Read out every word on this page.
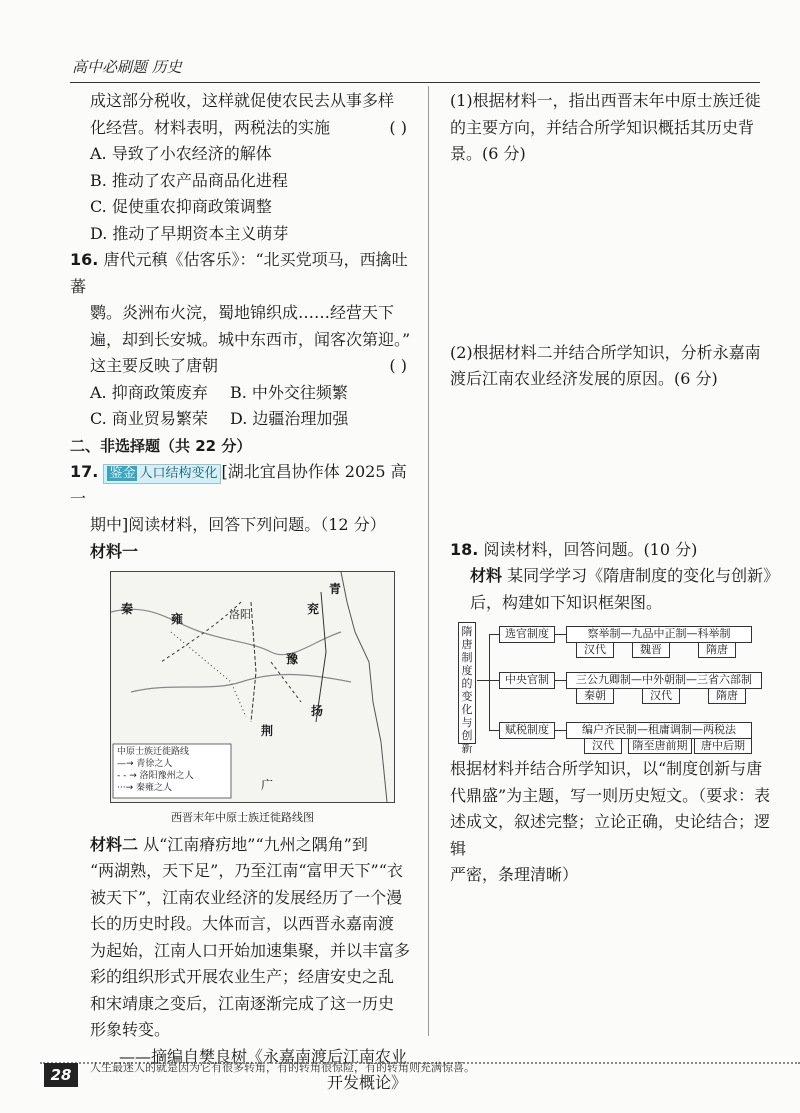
高中必刷题 历史

成这部分税收，这样就促使农民去从事多样

化经营。材料表明，两税法的实施	( )

A. 导致了小农经济的解体

B. 推动了农产品商品化进程

C. 促使重农抑商政策调整

D. 推动了早期资本主义萌芽

16. 唐代元稹《估客乐》：“北买党项马，西擒吐蕃

鹦。炎洲布火浣，蜀地锦织成……经营天下

遍，却到长安城。城中东西市，闻客次第迎。”

这主要反映了唐朝	( )

A. 抑商政策废弃	B. 中外交往频繁
C. 商业贸易繁荣	D. 边疆治理加强

二、非选择题（共 22 分）

17. 鉴金 人口结构变化 [湖北宜昌协作体 2025 高一

期中]阅读材料，回答下列问题。（12 分）

材料一

秦
雍	洛阳
青
豫
扬
荆
广
兖
中原士族迁徙路线
—→ 青徐之人
- - → 洛阳豫州之人
···→ 秦雍之人
西晋末年中原士族迁徙路线图

材料二 从“江南瘠疠地”“九州之隅角”到

“两湖熟，天下足”，乃至江南“富甲天下”“衣

被天下”，江南农业经济的发展经历了一个漫

长的历史时段。大体而言，以西晋永嘉南渡

为起始，江南人口开始加速集聚，并以丰富多

彩的组织形式开展农业生产；经唐安史之乱

和宋靖康之变后，江南逐渐完成了这一历史

形象转变。

——摘编自樊良树《永嘉南渡后江南农业

开发概论》

(1)根据材料一，指出西晋末年中原士族迁徙

的主要方向，并结合所学知识概括其历史背

景。(6 分)

(2)根据材料二并结合所学知识，分析永嘉南

渡后江南农业经济发展的原因。(6 分)

18. 阅读材料，回答问题。(10 分)

材料 某同学学习《隋唐制度的变化与创新》

后，构建如下知识框架图。

隋唐制度的变化与创新
选官制度
中央官制
赋税制度
察举制—九品中正制—科举制
三公九卿制—中外朝制—三省六部制
编户齐民制—租庸调制—两税法
汉代	魏晋	隋唐
秦朝	汉代	隋唐
汉代	隋至唐前期	唐中后期

根据材料并结合所学知识，以“制度创新与唐

代鼎盛”为主题，写一则历史短文。（要求：表

述成文，叙述完整；立论正确，史论结合；逻辑

严密，条理清晰）

28	人生最迷人的就是因为它有很多转角，有的转角很惊险，有的转角则充满惊喜。
